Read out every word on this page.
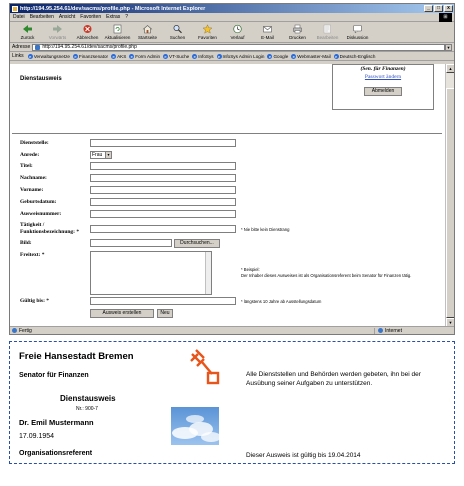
http://194.95.254.61/dev/sacms/profile.php - Microsoft Internet Explorer	_	□	x
Datei Bearbeiten Ansicht Favoriten Extras ?	⊞
Zurück	Vorwärts Abbrechen Aktualisieren Startseite	Suchen	Favoriten	Verlauf	E-Mail	Drucken Bearbeiten Diskussion
Adresse http://194.95.254.61/dev/sacms/profile.php	▼
Links	e Verwaltungsnetze	e Finanzsenator	e AKS	e Form Admin	e VT-Suche	e InfoSys	e InfoSys Admin Login	e Google	e Webmaster-Mail	e Deutsch-Englisch
Dienstausweis
(Sen. für Finanzen)
Passwort ändern
Abmelden
Dienststelle:
Anrede:	Frau	▼
Titel:
Nachname:
Vorname:
Geburtsdatum:
Ausweisnummer:
Tätigkeit /
Funktionsbezeichnung: *	* Nie bitte kein Dienstrang
Bild:	Durchsuchen...
Freitext: *
* Beispiel:
Der Inhaber dieses Ausweises ist als Organisationsreferent beim Senator für Finanzen tätig.
Gültig bis: *	* längstens 10 Jahre ab Ausstellungsdatum
Ausweis erstellen	Neu
▲
▼
Fertig	Internet
Freie Hansestadt Bremen
Senator für Finanzen
Dienstausweis
Nr.: 900-7
Dr. Emil Mustermann
17.09.1954
Organisationsreferent
Alle Dienststellen und Behörden werden gebeten, ihn bei der Ausübung seiner Aufgaben zu unterstützen.
Dieser Ausweis ist gültig bis 19.04.2014
